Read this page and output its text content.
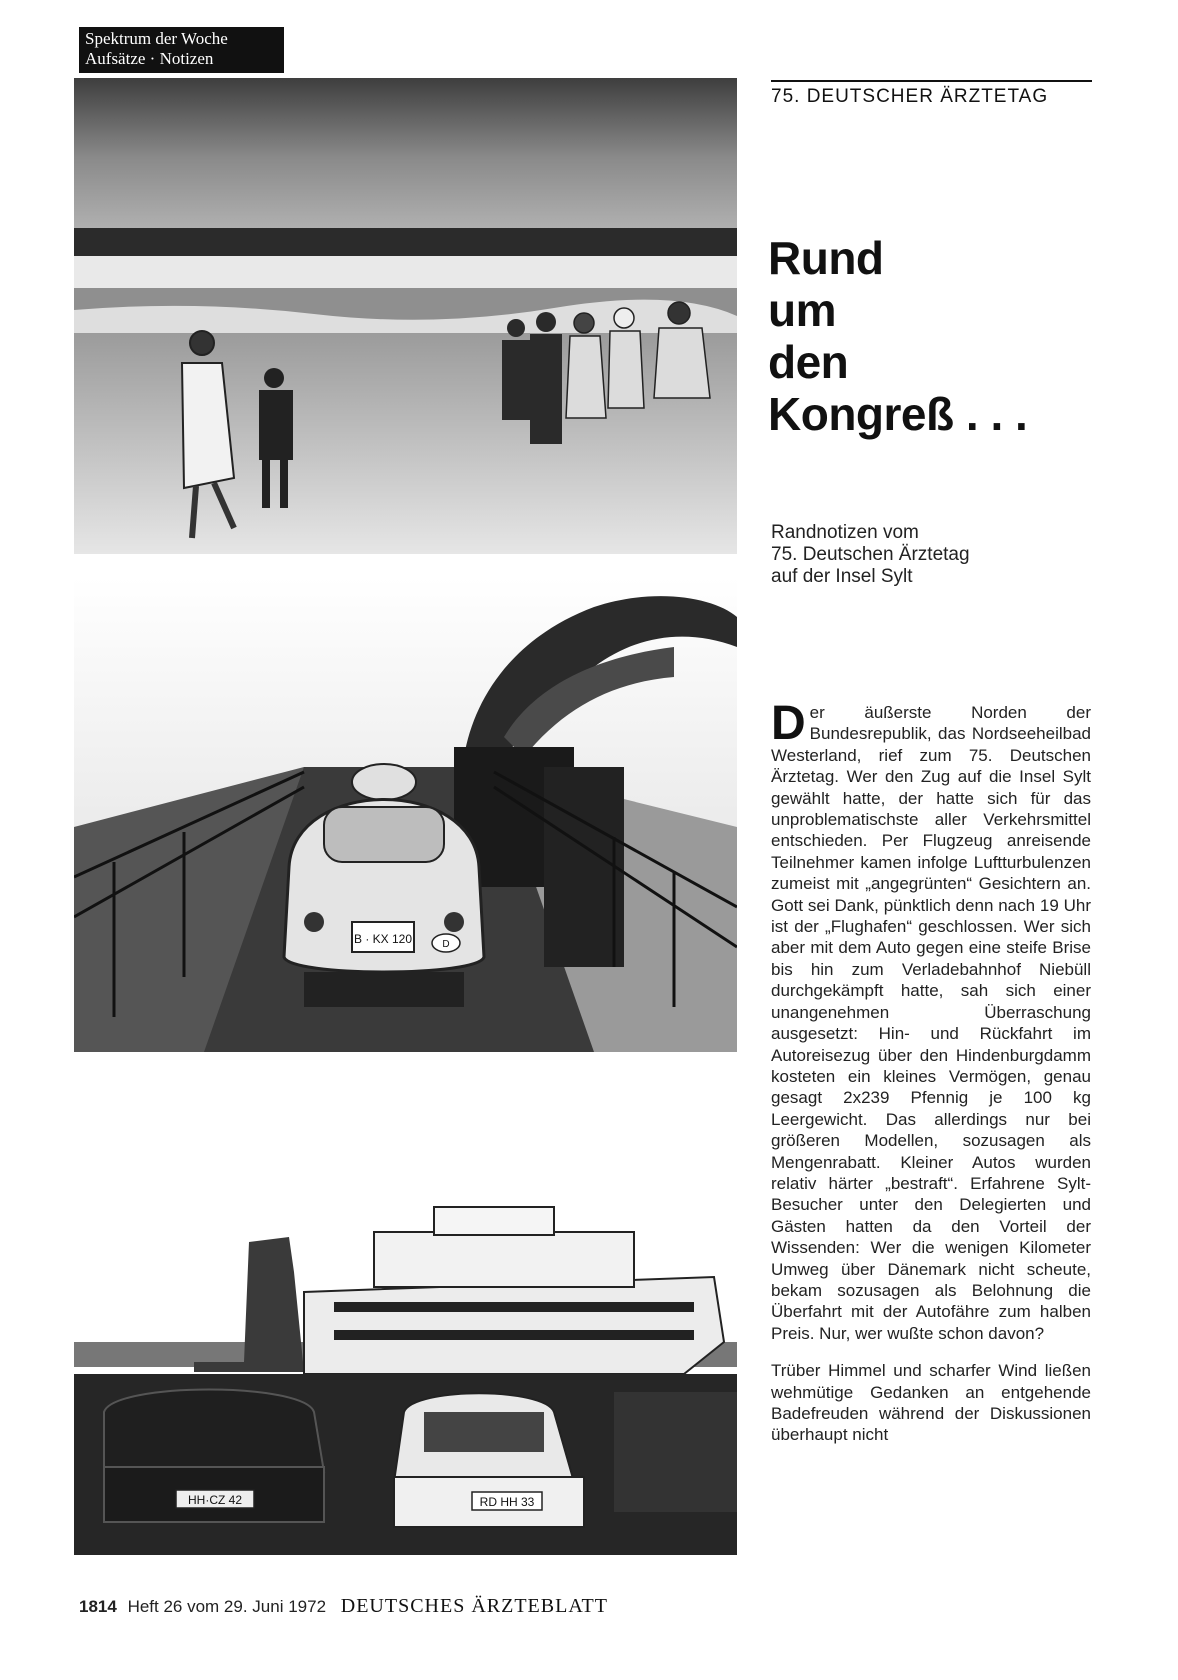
Spektrum der Woche
Aufsätze · Notizen
75. DEUTSCHER ÄRZTETAG
B · KX 120	D
HH·CZ 42	RD HH 33
Rund
um
den
Kongreß . . .
Randnotizen vom
75. Deutschen Ärztetag
auf der Insel Sylt

Der äußerste Norden der Bundesrepublik, das Nordseeheilbad Westerland, rief zum 75. Deutschen Ärztetag. Wer den Zug auf die Insel Sylt gewählt hatte, der hatte sich für das unproblematischste aller Verkehrsmittel entschieden. Per Flugzeug anreisende Teilnehmer kamen infolge Luftturbulenzen zumeist mit „angegrünten“ Gesichtern an. Gott sei Dank, pünktlich denn nach 19 Uhr ist der „Flughafen“ geschlossen. Wer sich aber mit dem Auto gegen eine steife Brise bis hin zum Verladebahnhof Niebüll durchgekämpft hatte, sah sich einer unangenehmen Überraschung ausgesetzt: Hin- und Rückfahrt im Autoreisezug über den Hindenburgdamm kosteten ein kleines Vermögen, genau gesagt 2x239 Pfennig je 100 kg Leergewicht. Das allerdings nur bei größeren Modellen, sozusagen als Mengenrabatt. Kleiner Autos wurden relativ härter „bestraft“. Erfahrene Sylt-Besucher unter den Delegierten und Gästen hatten da den Vorteil der Wissenden: Wer die wenigen Kilometer Umweg über Dänemark nicht scheute, bekam sozusagen als Belohnung die Überfahrt mit der Autofähre zum halben Preis. Nur, wer wußte schon davon?

Trüber Himmel und scharfer Wind ließen wehmütige Gedanken an entgehende Badefreuden während der Diskussionen überhaupt nicht

1814 Heft 26 vom 29. Juni 1972 DEUTSCHES ÄRZTEBLATT
